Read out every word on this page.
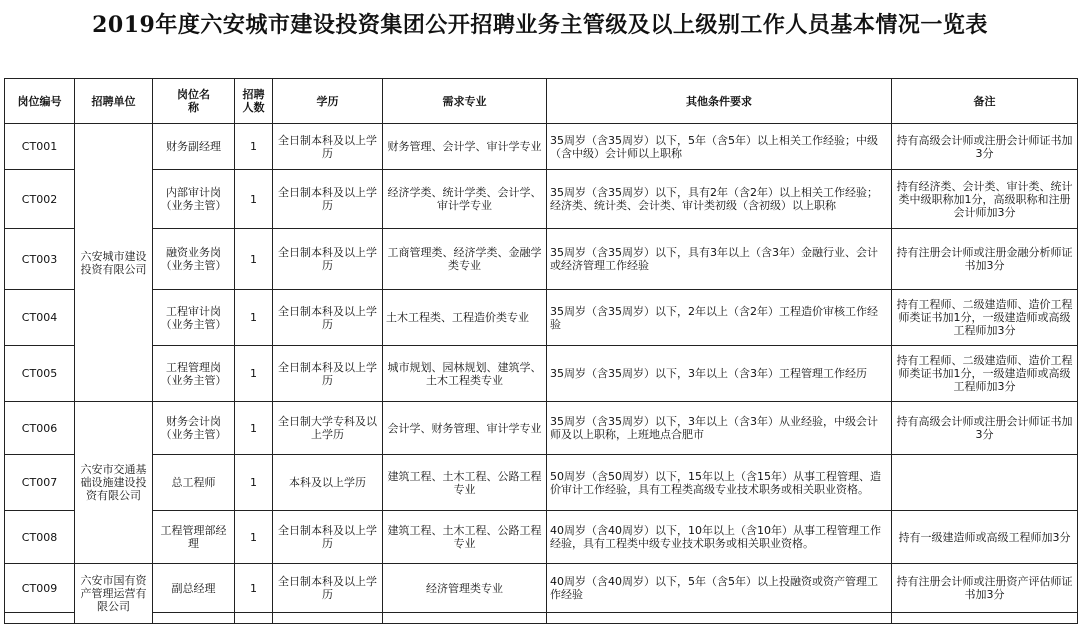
2019年度六安城市建设投资集团公开招聘业务主管级及以上级别工作人员基本情况一览表
岗位编号	招聘单位	岗位名称	招聘人数	学历	需求专业	其他条件要求	备注
CT001	六安城市建设投资有限公司	财务副经理	1	全日制本科及以上学历	财务管理、会计学、审计学专业	35周岁（含35周岁）以下，5年（含5年）以上相关工作经验；中级（含中级）会计师以上职称	持有高级会计师或注册会计师证书加3分
CT002		内部审计岗（业务主管）	1	全日制本科及以上学历	经济学类、统计学类、会计学、审计学专业	35周岁（含35周岁）以下，具有2年（含2年）以上相关工作经验；经济类、统计类、会计类、审计类初级（含初级）以上职称	持有经济类、会计类、审计类、统计类中级职称加1分，高级职称和注册会计师加3分
CT003		融资业务岗（业务主管）	1	全日制本科及以上学历	工商管理类、经济学类、金融学类专业	35周岁（含35周岁）以下，具有3年以上（含3年）金融行业、会计或经济管理工作经验	持有注册会计师或注册金融分析师证书加3分
CT004		工程审计岗（业务主管）	1	全日制本科及以上学历	土木工程类、工程造价类专业	35周岁（含35周岁）以下，2年以上（含2年）工程造价审核工作经验	持有工程师、二级建造师、造价工程师类证书加1分，一级建造师或高级工程师加3分
CT005		工程管理岗（业务主管）	1	全日制本科及以上学历	城市规划、园林规划、建筑学、土木工程类专业	35周岁（含35周岁）以下，3年以上（含3年）工程管理工作经历	持有工程师、二级建造师、造价工程师类证书加1分，一级建造师或高级工程师加3分
CT006	六安市交通基础设施建设投资有限公司	财务会计岗（业务主管）	1	全日制大学专科及以上学历	会计学、财务管理、审计学专业	35周岁（含35周岁）以下，3年以上（含3年）从业经验，中级会计师及以上职称，上班地点合肥市	持有高级会计师或注册会计师证书加3分
CT007		总工程师	1	本科及以上学历	建筑工程、土木工程、公路工程专业	50周岁（含50周岁）以下，15年以上（含15年）从事工程管理、造价审计工作经验，具有工程类高级专业技术职务或相关职业资格。	
CT008		工程管理部经理	1	全日制本科及以上学历	建筑工程、土木工程、公路工程专业	40周岁（含40周岁）以下，10年以上（含10年）从事工程管理工作经验，具有工程类中级专业技术职务或相关职业资格。	持有一级建造师或高级工程师加3分
CT009	六安市国有资产管理运营有限公司	副总经理	1	全日制本科及以上学历	经济管理类专业	40周岁（含40周岁）以下，5年（含5年）以上投融资或资产管理工作经验	持有注册会计师或注册资产评估师证书加3分
